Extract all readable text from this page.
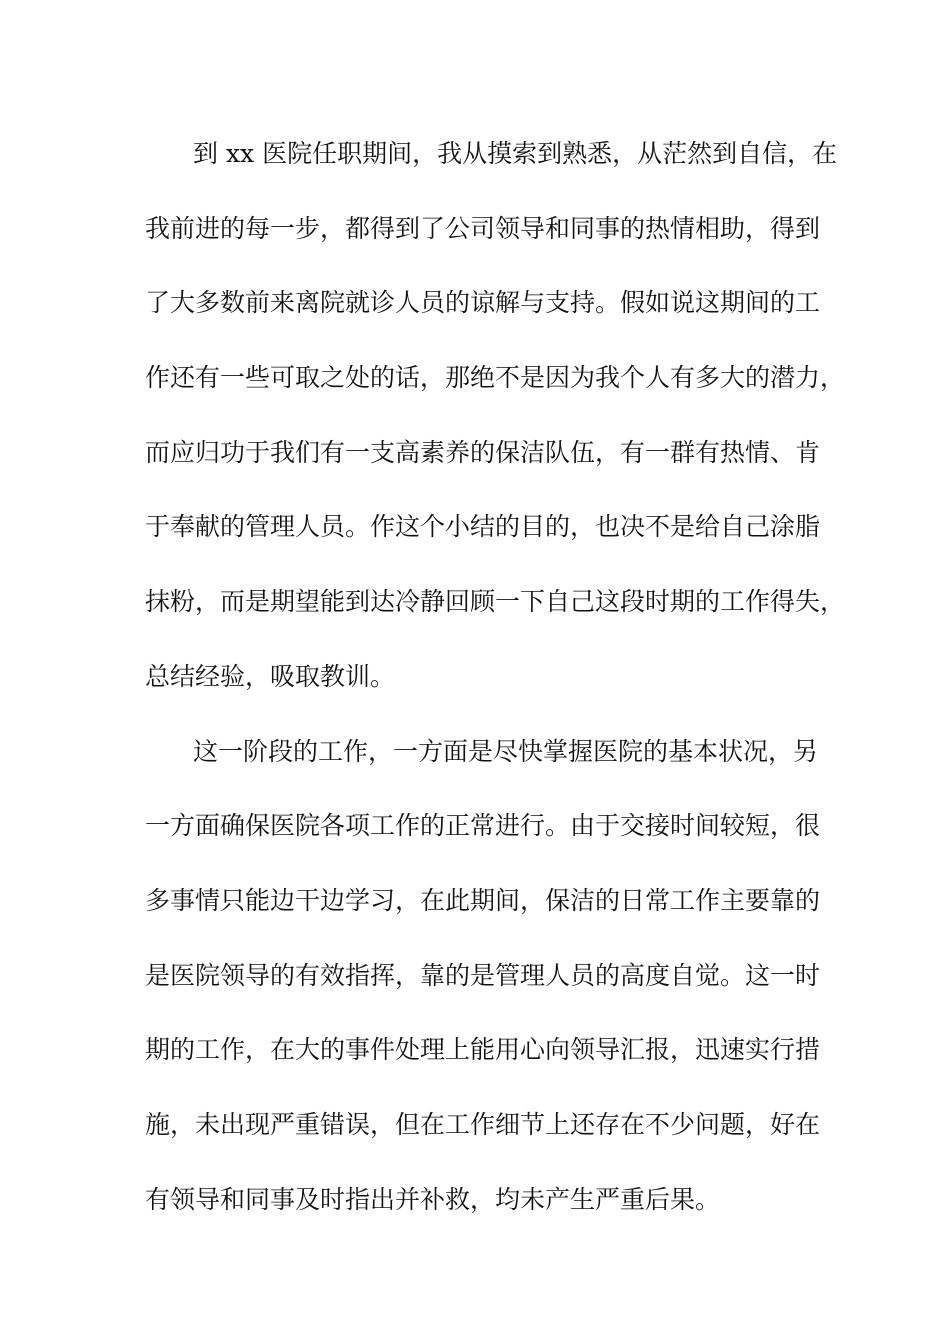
到 xx 医院任职期间，我从摸索到熟悉，从茫然到自信，在
我前进的每一步，都得到了公司领导和同事的热情相助，得到
了大多数前来离院就诊人员的谅解与支持。假如说这期间的工
作还有一些可取之处的话，那绝不是因为我个人有多大的潜力，
而应归功于我们有一支高素养的保洁队伍，有一群有热情、肯
于奉献的管理人员。作这个小结的目的，也决不是给自己涂脂
抹粉，而是期望能到达冷静回顾一下自己这段时期的工作得失，
总结经验，吸取教训。
这一阶段的工作，一方面是尽快掌握医院的基本状况，另
一方面确保医院各项工作的正常进行。由于交接时间较短，很
多事情只能边干边学习，在此期间，保洁的日常工作主要靠的
是医院领导的有效指挥，靠的是管理人员的高度自觉。这一时
期的工作，在大的事件处理上能用心向领导汇报，迅速实行措
施，未出现严重错误，但在工作细节上还存在不少问题，好在
有领导和同事及时指出并补救，均未产生严重后果。
